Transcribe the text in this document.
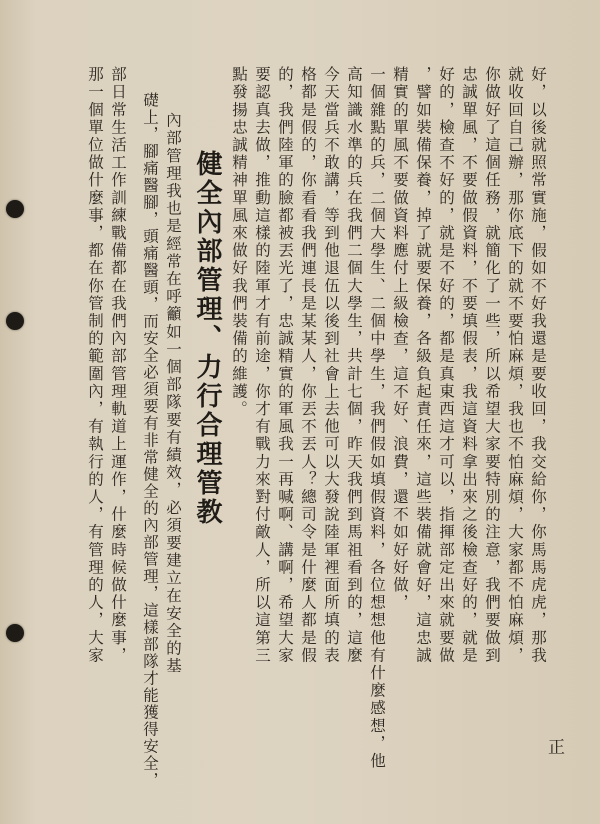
好，以後就照常實施，假如不好我還是要收回，我交給你，你馬馬虎虎，那我
就收回自己辦，那你底下的就不要怕麻煩，我也不怕麻煩，大家都不怕麻煩，
你做好了這個任務，就簡化了一些，所以希望大家要特別的注意，我們要做到
忠誠單風，不要做假資料，不要填假表，我這資料拿出來之後檢查好的，就是
好的，檢查不好的，就是不好的，都是真東西這才可以，指揮部定出來就要做
，譬如裝備保養，掉了就要保養，各級負起責任來，這些裝備就會好，這忠誠
精實的單風不要做資料應付上級檢查，這不好、浪費，還不如好好做，
一個雜點的兵，二個大學生、二個中學生，我們假如填假資料，各位想想他有什麼感想，他
高知識水準的兵在我們二個大學生，共計七個，昨天我們到馬祖看到的，這麼
今天當兵不敢講，等到他退伍以後到社會上去他可以大發說陸軍裡面所填的表
格都是假的，你看看我們連長是某某人，你丟不丟人？總司令是什麼人都是假
的，我們陸軍的臉都被丟光了，忠誠精實的軍風我一再喊啊、講啊，希望大家
要認真去做，推動這樣的陸軍才有前途，你才有戰力來對付敵人，所以這第三
點發揚忠誠精神單風來做好我們裝備的維護。
健全內部管理、力行合理管教
內部管理我也是經常在呼籲如一個部隊要有績效，必須要建立在安全的基
礎上，腳痛醫腳，頭痛醫頭，而安全必須要有非常健全的內部管理，這樣部隊才能獲得安全，
部日常生活工作訓練戰備都在我們內部管理軌道上運作，什麼時候做什麼事，
那一個單位做什麼事，都在你管制的範圍內，有執行的人，有管理的人，大家
正
